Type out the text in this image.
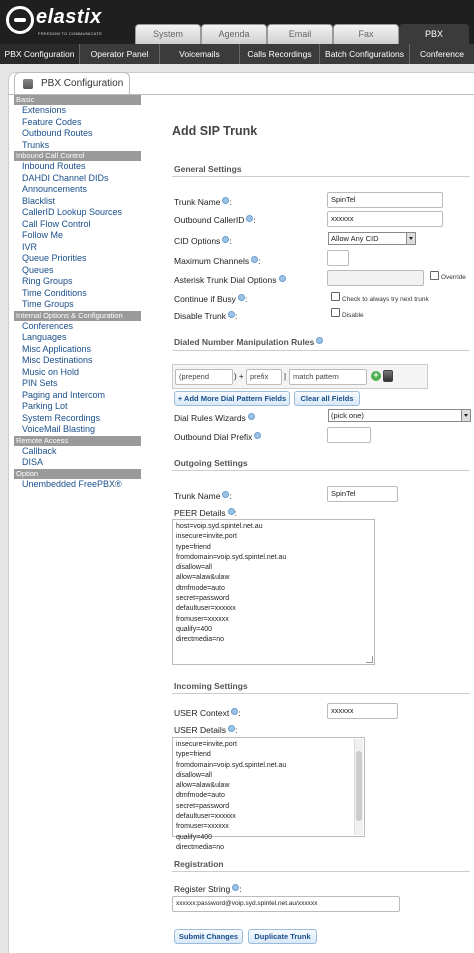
elastix
FREEDOM TO COMMUNICATE	System	Agenda	Email	Fax	PBX
PBX Configuration	Operator Panel	Voicemails	Calls Recordings	Batch Configurations	Conference
PBX Configuration
Basic
Extensions
Feature Codes
Outbound Routes
Trunks
Inbound Call Control
Inbound Routes
DAHDI Channel DIDs
Announcements
Blacklist
CallerID Lookup Sources
Call Flow Control
Follow Me
IVR
Queue Priorities
Queues
Ring Groups
Time Conditions
Time Groups
Internal Options & Configuration
Conferences
Languages
Misc Applications
Misc Destinations
Music on Hold
PIN Sets
Paging and Intercom
Parking Lot
System Recordings
VoiceMail Blasting
Remote Access
Callback
DISA
Option
Unembedded FreePBX®
Add SIP Trunk
General Settings
Trunk Name :	SpinTel
Outbound CallerID :	xxxxxx
CID Options :	Allow Any CID
Maximum Channels :
Asterisk Trunk Dial Options	Override
Continue if Busy :	Check to always try next trunk
Disable Trunk :	Disable
Dialed Number Manipulation Rules
(prepend	) + prefix	| match pattern	+
+ Add More Dial Pattern Fields	Clear all Fields
Dial Rules Wizards	(pick one)
Outbound Dial Prefix
Outgoing Settings
Trunk Name :	SpinTel
PEER Details :
host=voip.syd.spintel.net.au
insecure=invite,port
type=friend
fromdomain=voip.syd.spintel.net.au
disallow=all
allow=alaw&ulaw
dtmfmode=auto
secret=password
defaultuser=xxxxxx
fromuser=xxxxxx
qualify=400
directmedia=no
Incoming Settings
USER Context :	xxxxxx
USER Details :
insecure=invite,port
type=friend
fromdomain=voip.syd.spintel.net.au
disallow=all
allow=alaw&ulaw
dtmfmode=auto
secret=password
defaultuser=xxxxxx
fromuser=xxxxxx
qualify=400
directmedia=no
Registration
Register String :
xxxxxx:password@voip.syd.spintel.net.au/xxxxxx
Submit Changes	Duplicate Trunk
